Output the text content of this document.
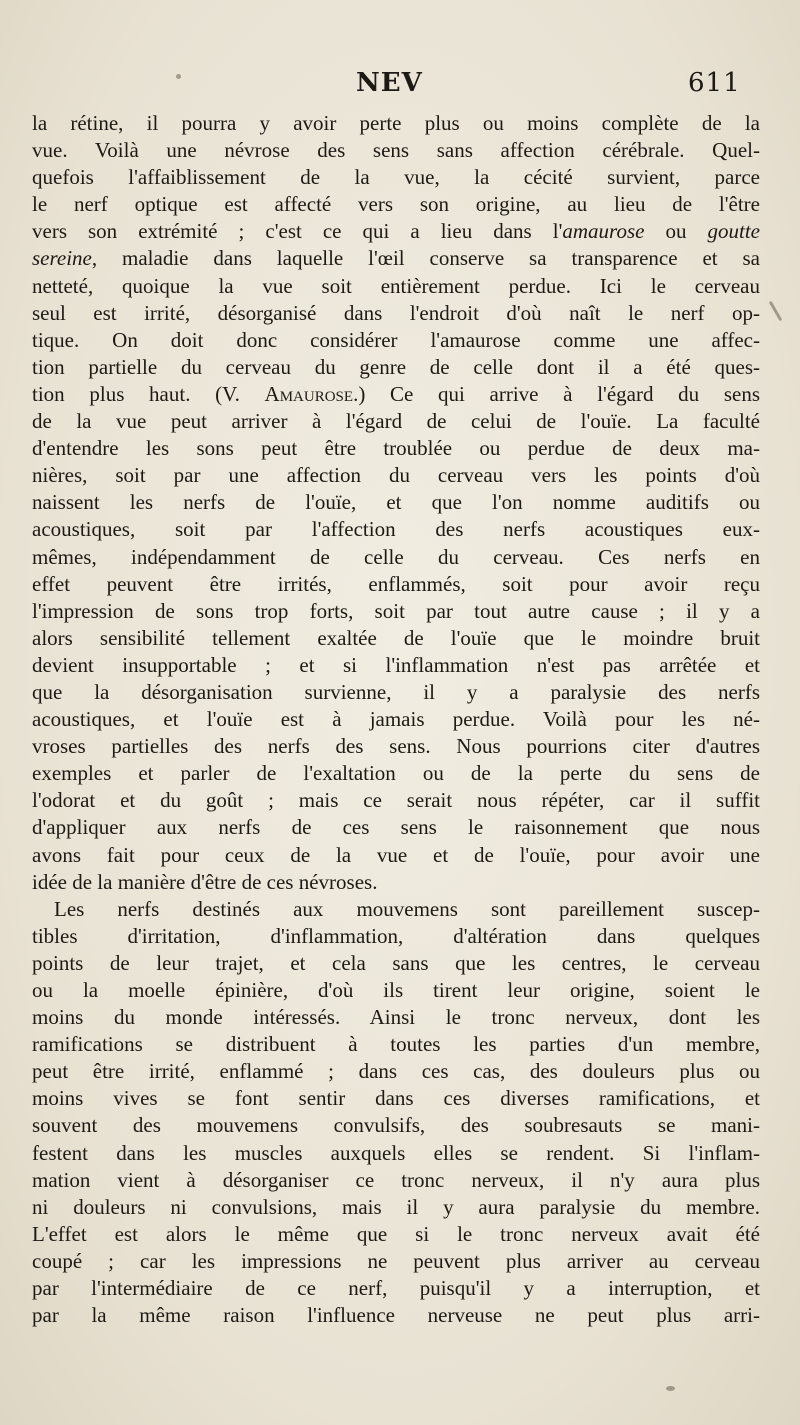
NEV	611
la rétine, il pourra y avoir perte plus ou moins complète de la
vue. Voilà une névrose des sens sans affection cérébrale. Quel-
quefois l'affaiblissement de la vue, la cécité survient, parce
le nerf optique est affecté vers son origine, au lieu de l'être
vers son extrémité ; c'est ce qui a lieu dans l'amaurose ou goutte
sereine, maladie dans laquelle l'œil conserve sa transparence et sa
netteté, quoique la vue soit entièrement perdue. Ici le cerveau
seul est irrité, désorganisé dans l'endroit d'où naît le nerf op-
tique. On doit donc considérer l'amaurose comme une affec-
tion partielle du cerveau du genre de celle dont il a été ques-
tion plus haut. (V. Amaurose.) Ce qui arrive à l'égard du sens
de la vue peut arriver à l'égard de celui de l'ouïe. La faculté
d'entendre les sons peut être troublée ou perdue de deux ma-
nières, soit par une affection du cerveau vers les points d'où
naissent les nerfs de l'ouïe, et que l'on nomme auditifs ou
acoustiques, soit par l'affection des nerfs acoustiques eux-
mêmes, indépendamment de celle du cerveau. Ces nerfs en
effet peuvent être irrités, enflammés, soit pour avoir reçu
l'impression de sons trop forts, soit par tout autre cause ; il y a
alors sensibilité tellement exaltée de l'ouïe que le moindre bruit
devient insupportable ; et si l'inflammation n'est pas arrêtée et
que la désorganisation survienne, il y a paralysie des nerfs
acoustiques, et l'ouïe est à jamais perdue. Voilà pour les né-
vroses partielles des nerfs des sens. Nous pourrions citer d'autres
exemples et parler de l'exaltation ou de la perte du sens de
l'odorat et du goût ; mais ce serait nous répéter, car il suffit
d'appliquer aux nerfs de ces sens le raisonnement que nous
avons fait pour ceux de la vue et de l'ouïe, pour avoir une
idée de la manière d'être de ces névroses.
Les nerfs destinés aux mouvemens sont pareillement suscep-
tibles d'irritation, d'inflammation, d'altération dans quelques
points de leur trajet, et cela sans que les centres, le cerveau
ou la moelle épinière, d'où ils tirent leur origine, soient le
moins du monde intéressés. Ainsi le tronc nerveux, dont les
ramifications se distribuent à toutes les parties d'un membre,
peut être irrité, enflammé ; dans ces cas, des douleurs plus ou
moins vives se font sentir dans ces diverses ramifications, et
souvent des mouvemens convulsifs, des soubresauts se mani-
festent dans les muscles auxquels elles se rendent. Si l'inflam-
mation vient à désorganiser ce tronc nerveux, il n'y aura plus
ni douleurs ni convulsions, mais il y aura paralysie du membre.
L'effet est alors le même que si le tronc nerveux avait été
coupé ; car les impressions ne peuvent plus arriver au cerveau
par l'intermédiaire de ce nerf, puisqu'il y a interruption, et
par la même raison l'influence nerveuse ne peut plus arri-
